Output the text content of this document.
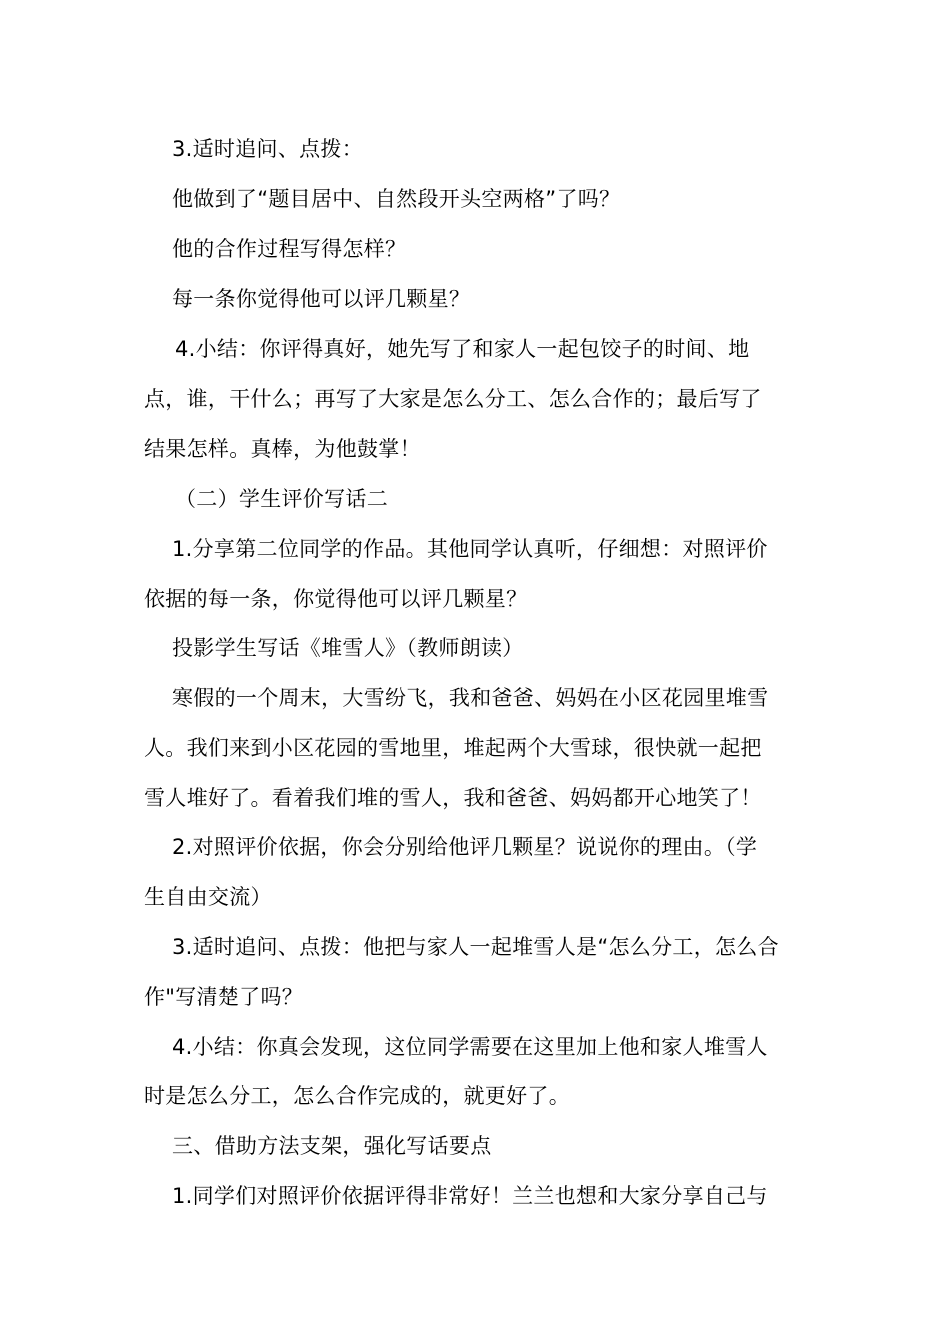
3.适时追问、点拨：
他做到了“题目居中、自然段开头空两格”了吗？
他的合作过程写得怎样？
每一条你觉得他可以评几颗星？
4.小结：你评得真好，她先写了和家人一起包饺子的时间、地
点，谁，干什么；再写了大家是怎么分工、怎么合作的；最后写了
结果怎样。真棒，为他鼓掌！
（二）学生评价写话二
1.分享第二位同学的作品。其他同学认真听，仔细想：对照评价
依据的每一条，你觉得他可以评几颗星？
投影学生写话《堆雪人》（教师朗读）
寒假的一个周末，大雪纷飞，我和爸爸、妈妈在小区花园里堆雪
人。我们来到小区花园的雪地里，堆起两个大雪球，很快就一起把
雪人堆好了。看着我们堆的雪人，我和爸爸、妈妈都开心地笑了！
2.对照评价依据，你会分别给他评几颗星？说说你的理由。（学
生自由交流）
3.适时追问、点拨：他把与家人一起堆雪人是“怎么分工，怎么合
作"写清楚了吗？
4.小结：你真会发现，这位同学需要在这里加上他和家人堆雪人
时是怎么分工，怎么合作完成的，就更好了。
三、借助方法支架，强化写话要点
1.同学们对照评价依据评得非常好！兰兰也想和大家分享自己与
